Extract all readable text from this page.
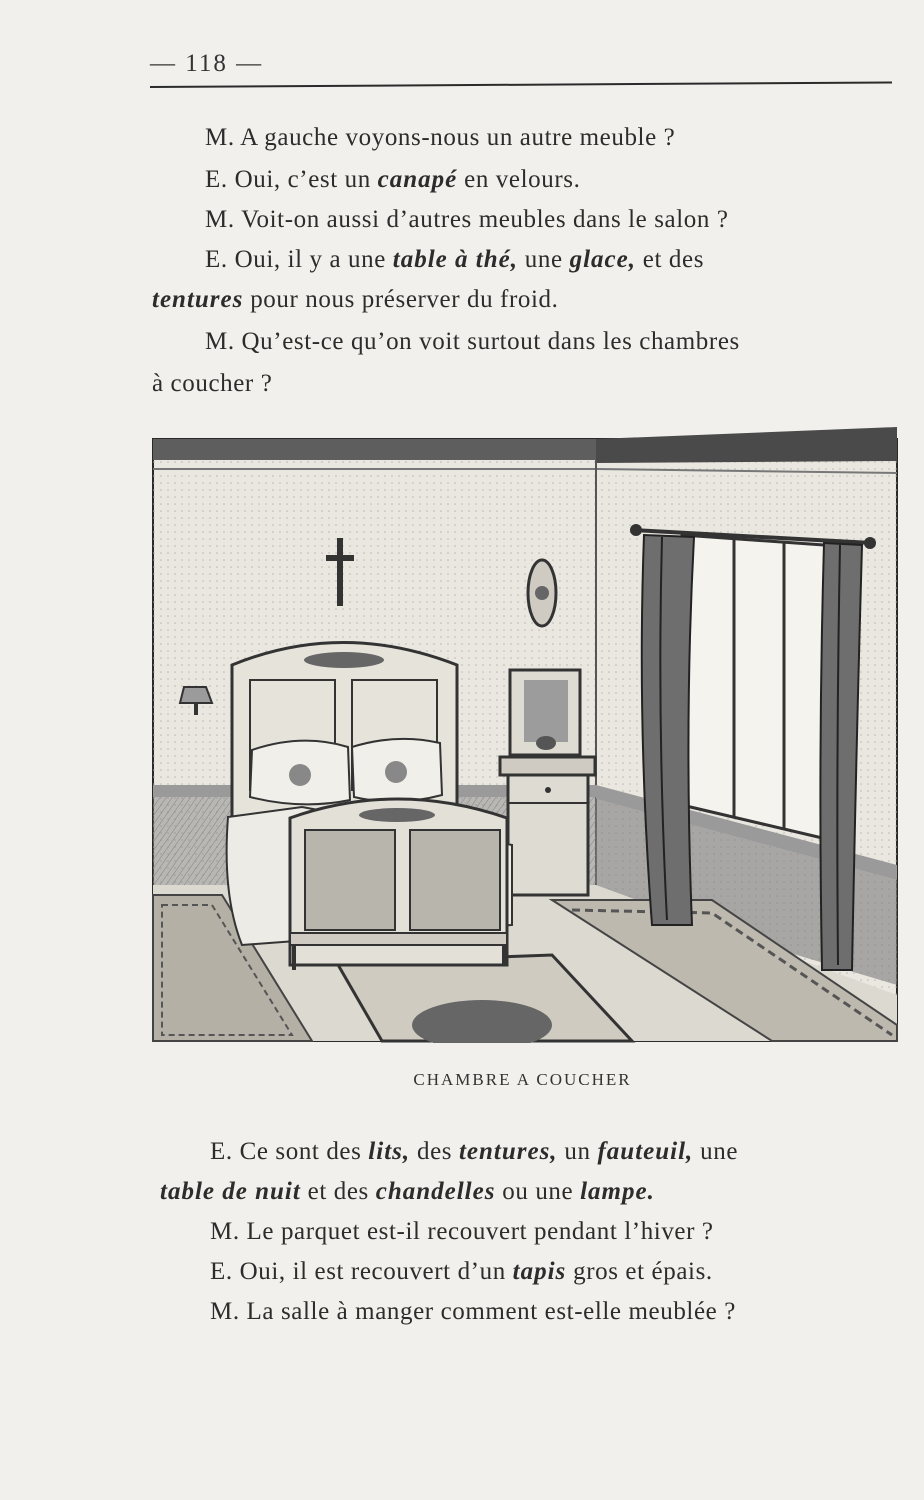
— 118 —
M. A gauche voyons-nous un autre meuble ?
E. Oui, c’est un canapé en velours.
M. Voit-on aussi d’autres meubles dans le salon ?
E. Oui, il y a une table à thé, une glace, et des
tentures pour nous préserver du froid.
M. Qu’est-ce qu’on voit surtout dans les chambres
à coucher ?
CHAMBRE A COUCHER
E. Ce sont des lits, des tentures, un fauteuil, une
table de nuit et des chandelles ou une lampe.
M. Le parquet est-il recouvert pendant l’hiver ?
E. Oui, il est recouvert d’un tapis gros et épais.
M. La salle à manger comment est-elle meublée ?
